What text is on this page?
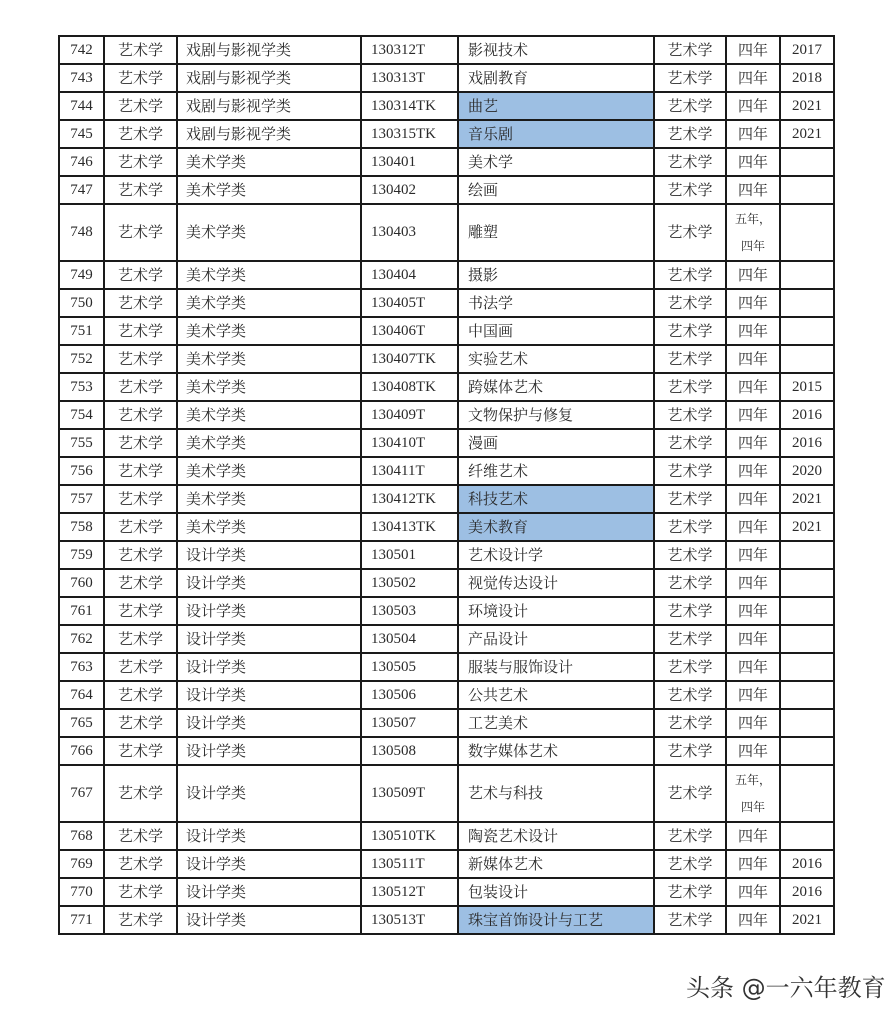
742	艺术学	戏剧与影视学类	130312T	影视技术	艺术学	四年	2017
743	艺术学	戏剧与影视学类	130313T	戏剧教育	艺术学	四年	2018
744	艺术学	戏剧与影视学类	130314TK	曲艺	艺术学	四年	2021
745	艺术学	戏剧与影视学类	130315TK	音乐剧	艺术学	四年	2021
746	艺术学	美术学类	130401	美术学	艺术学	四年	
747	艺术学	美术学类	130402	绘画	艺术学	四年	
748	艺术学	美术学类	130403	雕塑	艺术学	五年，
四年	

749	艺术学	美术学类	130404	摄影	艺术学	四年	
750	艺术学	美术学类	130405T	书法学	艺术学	四年	
751	艺术学	美术学类	130406T	中国画	艺术学	四年	
752	艺术学	美术学类	130407TK	实验艺术	艺术学	四年	
753	艺术学	美术学类	130408TK	跨媒体艺术	艺术学	四年	2015
754	艺术学	美术学类	130409T	文物保护与修复	艺术学	四年	2016
755	艺术学	美术学类	130410T	漫画	艺术学	四年	2016
756	艺术学	美术学类	130411T	纤维艺术	艺术学	四年	2020
757	艺术学	美术学类	130412TK	科技艺术	艺术学	四年	2021
758	艺术学	美术学类	130413TK	美术教育	艺术学	四年	2021
759	艺术学	设计学类	130501	艺术设计学	艺术学	四年	
760	艺术学	设计学类	130502	视觉传达设计	艺术学	四年	
761	艺术学	设计学类	130503	环境设计	艺术学	四年	
762	艺术学	设计学类	130504	产品设计	艺术学	四年	
763	艺术学	设计学类	130505	服装与服饰设计	艺术学	四年	
764	艺术学	设计学类	130506	公共艺术	艺术学	四年	
765	艺术学	设计学类	130507	工艺美术	艺术学	四年	
766	艺术学	设计学类	130508	数字媒体艺术	艺术学	四年	
767	艺术学	设计学类	130509T	艺术与科技	艺术学	五年，
四年	

768	艺术学	设计学类	130510TK	陶瓷艺术设计	艺术学	四年	
769	艺术学	设计学类	130511T	新媒体艺术	艺术学	四年	2016
770	艺术学	设计学类	130512T	包装设计	艺术学	四年	2016
771	艺术学	设计学类	130513T	珠宝首饰设计与工艺	艺术学	四年	2021
头条 @一六年教育
